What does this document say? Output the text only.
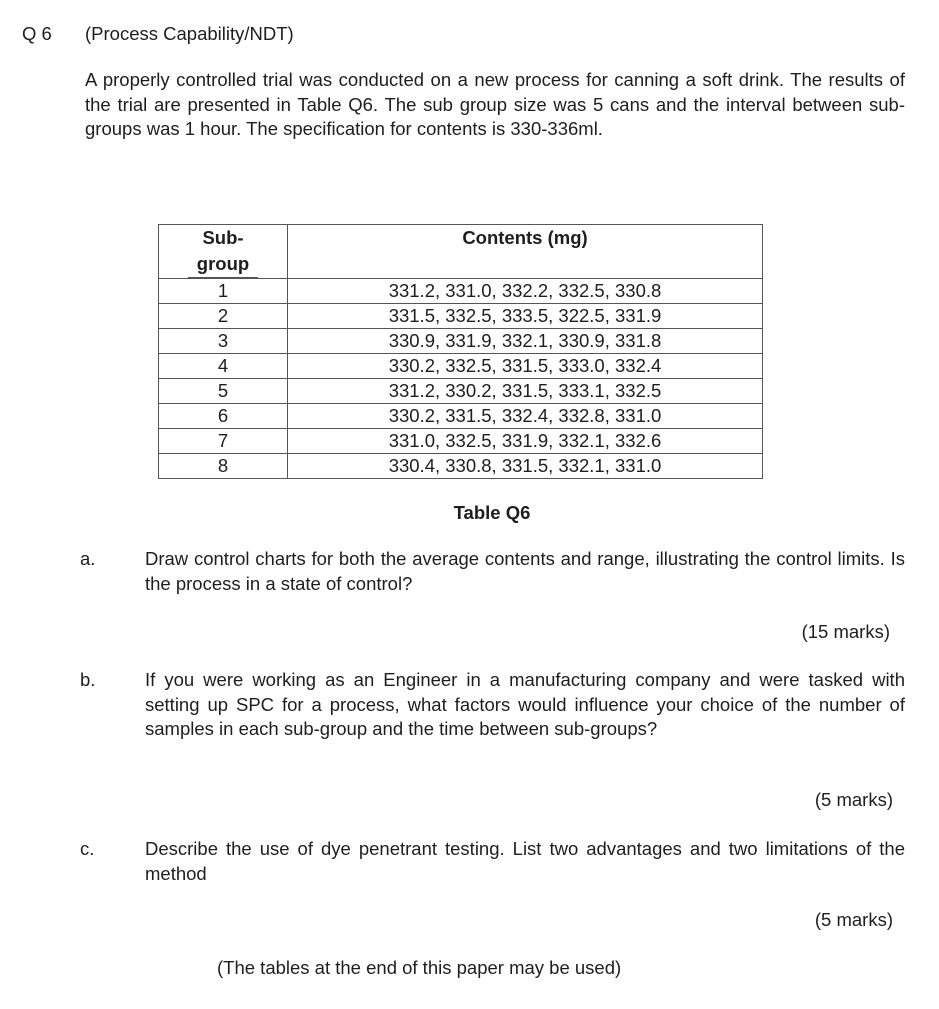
Q 6 (Process Capability/NDT)
A properly controlled trial was conducted on a new process for canning a soft drink. The results of the trial are presented in Table Q6. The sub group size was 5 cans and the interval between sub-groups was 1 hour. The specification for contents is 330-336ml.
Sub-group	Contents (mg)
1	331.2, 331.0, 332.2, 332.5, 330.8
2	331.5, 332.5, 333.5, 322.5, 331.9
3	330.9, 331.9, 332.1, 330.9, 331.8
4	330.2, 332.5, 331.5, 333.0, 332.4
5	331.2, 330.2, 331.5, 333.1, 332.5
6	330.2, 331.5, 332.4, 332.8, 331.0
7	331.0, 332.5, 331.9, 332.1, 332.6
8	330.4, 330.8, 331.5, 332.1, 331.0
Table Q6
a.	Draw control charts for both the average contents and range, illustrating the control limits. Is the process in a state of control?
(15 marks)
b.	If you were working as an Engineer in a manufacturing company and were tasked with setting up SPC for a process, what factors would influence your choice of the number of samples in each sub-group and the time between sub-groups?
(5 marks)
c.	Describe the use of dye penetrant testing. List two advantages and two limitations of the method
(5 marks)
(The tables at the end of this paper may be used)
